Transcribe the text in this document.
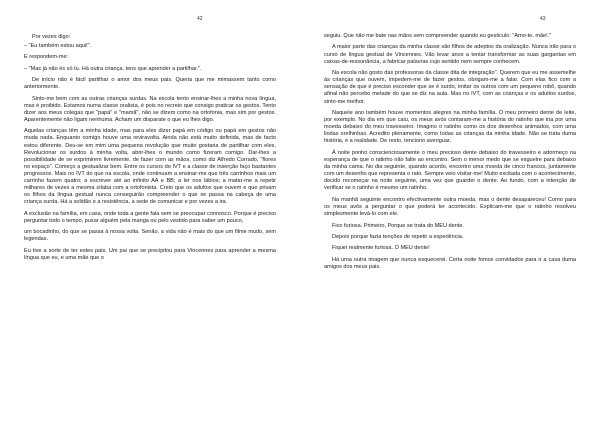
42

Por vezes digo:

– "Eu também estou aqui!".

E respondem-me:

– "Mas já não és só tu. Há outra criança, tens que aprender a partilhar.".

De início não é fácil partilhar o amor dos meus pais. Queria que me mimassem tanto como anteriormente.

Sinto-me bem com as outras crianças surdas. Na escola tento ensinar-lhes a minha nova língua, mas é proibido. Estamos numa classe oralista, é pois no recreio que consigo praticar os gestos. Tento dizer aos meus colegas que "papá" e "mamã", não se dizem como na ortofonia, mas sim por gestos. Aparentemente não ligam nenhuma. Acham um disparate o que eu lhes digo.

Aquelas crianças têm a minha idade, mas para eles dizer papá em código ou papá em gestos não muda nada. Enquanto comigo houve uma reviravolta. Ainda não está muito definida, mas de facto estou diferente. Deu-se em mim uma pequena revolução que muito gostaria de partilhar com eles. Revolucionar os surdos à minha volta, abrir-lhes o mundo como fizeram comigo. Dar-lhes a possibilidade de se exprimirem livremente, de fazer com as mãos, como diz Alfredo Corrado, "flores no espaço". Começo a gestualizar bem. Entre os cursos do IVT e a classe de inserção faço bastantes progressos. Mais no IVT do que na escola, onde continuam a ensinar-me que três carrinhos mais um carrinho fazem quatro; a escrever até ao infinito AA e BB; a ler nos lábios; a matar-me a repetir milhares de vezes a mesma sílaba com a ortofonista. Creio que os adultos que ouvem e que privam os filhos da língua gestual nunca conseguirão compreender o que se passa na cabeça de uma criança surda. Há a solidão e a resistência, a sede de comunicar e por vezes a ira.

A exclusão na família, em casa, onde toda a gente fala sem se preocupar connosco. Porque é preciso perguntar todo o tempo, puxar alguém pela manga ou pelo vestido para saber um pouco,

um bocadinho, do que se passa à nossa volta. Senão, a vida não é mais do que um filme mudo, sem legendas.

Eu tive a sorte de ter estes pais. Um pai que se precipitou para Vincennes para aprender a mesma língua que eu, e uma mãe que o

43

seguiu. Que não me bate nas mãos sem compreender quando eu gesticulo: "Amo-te, mãe!."

A maior parte das crianças da minha classe são filhos de adeptos da oralização. Nunca irão para o curso de língua gestual de Vincennes. Vão levar anos a tentar transformar as suas gargantas em caixas-de-ressonância, a fabricar palavras cujo sentido nem sempre conhecem.

Na escola não gosto das professoras da classe dita de integração". Querem que eu me assemelhe às crianças que ouvem, impedem-me de fazer gestos, obrigam-me a falar. Com elas fico com a sensação de que é preciso esconder que se é surdo, imitar os outros com um pequeno robô, quando afinal não percebo metade do que se diz na aula. Mas no IVT, com as crianças e os adultos surdos, sinto-me melhor.

Naquele ano também houve momentos alegres na minha família. O meu primeiro dente de leite, por exemplo. No dia em que caiu, os meus avós contaram-me a história do ratinho que iria por uma moeda debaixo do meu travesseiro. Imagino o ratinho como os dos desenhos animados, com uma lindas orelhinhas. Acredito plenamente, como todas as crianças da minha idade. Não se trata duma história, é a realidade. De resto, tenciono averiguar.

À noite ponho conscienciosamente o meu precioso dente debaixo do travesseiro e adormeço na esperança de que o ratinho não falte ao encontro. Sem o menor medo que se esgueire para debaixo da minha cama. No dia seguinte, quando acordo, encontro uma moeda de cinco francos, juntamente com um desenho que representa o rato. Sempre veio visitar-me! Muito excitada com o acontecimento, decido recomeçar na noite seguinte, uma vez que guardei o dente. Ao fundo, com a intenção de verificar se o ratinho é mesmo um ratinho.

Na manhã seguinte encontro efectivamente outra moeda, mas o dente desapareceu! Como para os meus avós a perguntar o que poderá ter acontecido. Explicam-me que o ratinho resolveu simplesmente levá-lo com ele.

Fico furiosa. Primeiro, Porque se trata do MEU dente.

Depois porque fazia tenções de repetir a experiência.

Fiquei realmente furiosa. O MEU dente!

Há uma outra imagem que nunca esquecerei. Certa noite fomos convidados para ir a casa duma amigos dos meus pais.
